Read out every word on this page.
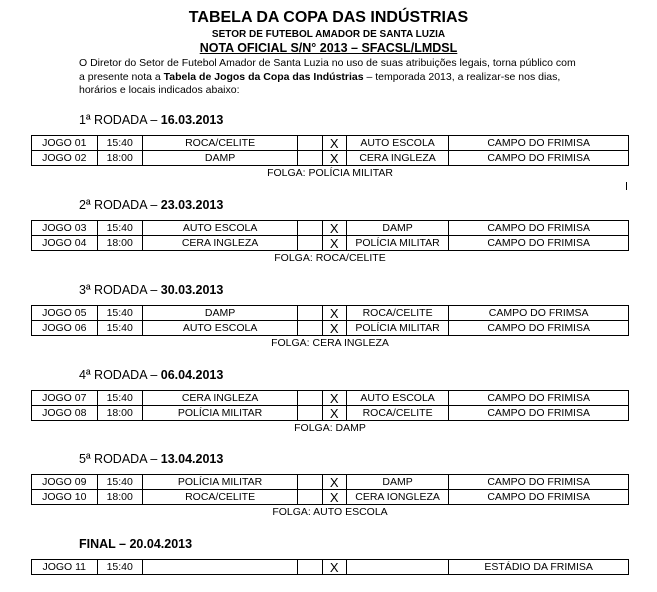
TABELA DA COPA DAS INDÚSTRIAS
SETOR DE FUTEBOL AMADOR DE SANTA LUZIA
NOTA OFICIAL S/N° 2013 – SFACSL/LMDSL
O Diretor do Setor de Futebol Amador de Santa Luzia no uso de suas atribuições legais, torna público com a presente nota a Tabela de Jogos da Copa das Indústrias – temporada 2013, a realizar-se nos dias, horários e locais indicados abaixo:
1ª RODADA – 16.03.2013
JOGO 01	15:40	ROCA/CELITE		X	AUTO ESCOLA	CAMPO DO FRIMISA
JOGO 02	18:00	DAMP		X	CERA INGLEZA	CAMPO DO FRIMISA
FOLGA: POLÍCIA MILITAR						
2ª RODADA – 23.03.2013
JOGO 03	15:40	AUTO ESCOLA		X	DAMP	CAMPO DO FRIMISA
JOGO 04	18:00	CERA INGLEZA		X	POLÍCIA MILITAR	CAMPO DO FRIMISA
FOLGA: ROCA/CELITE						
3ª RODADA – 30.03.2013
JOGO 05	15:40	DAMP		X	ROCA/CELITE	CAMPO DO FRIMSA
JOGO 06	15:40	AUTO ESCOLA		X	POLÍCIA MILITAR	CAMPO DO FRIMISA
FOLGA: CERA INGLEZA						
4ª RODADA – 06.04.2013
JOGO 07	15:40	CERA INGLEZA		X	AUTO ESCOLA	CAMPO DO FRIMISA
JOGO 08	18:00	POLÍCIA MILITAR		X	ROCA/CELITE	CAMPO DO FRIMISA
FOLGA: DAMP						
5ª RODADA – 13.04.2013
JOGO 09	15:40	POLÍCIA MILITAR		X	DAMP	CAMPO DO FRIMISA
JOGO 10	18:00	ROCA/CELITE		X	CERA IONGLEZA	CAMPO DO FRIMISA
FOLGA: AUTO ESCOLA						
FINAL – 20.04.2013
JOGO 11	15:40			X		ESTÁDIO DA FRIMISA
